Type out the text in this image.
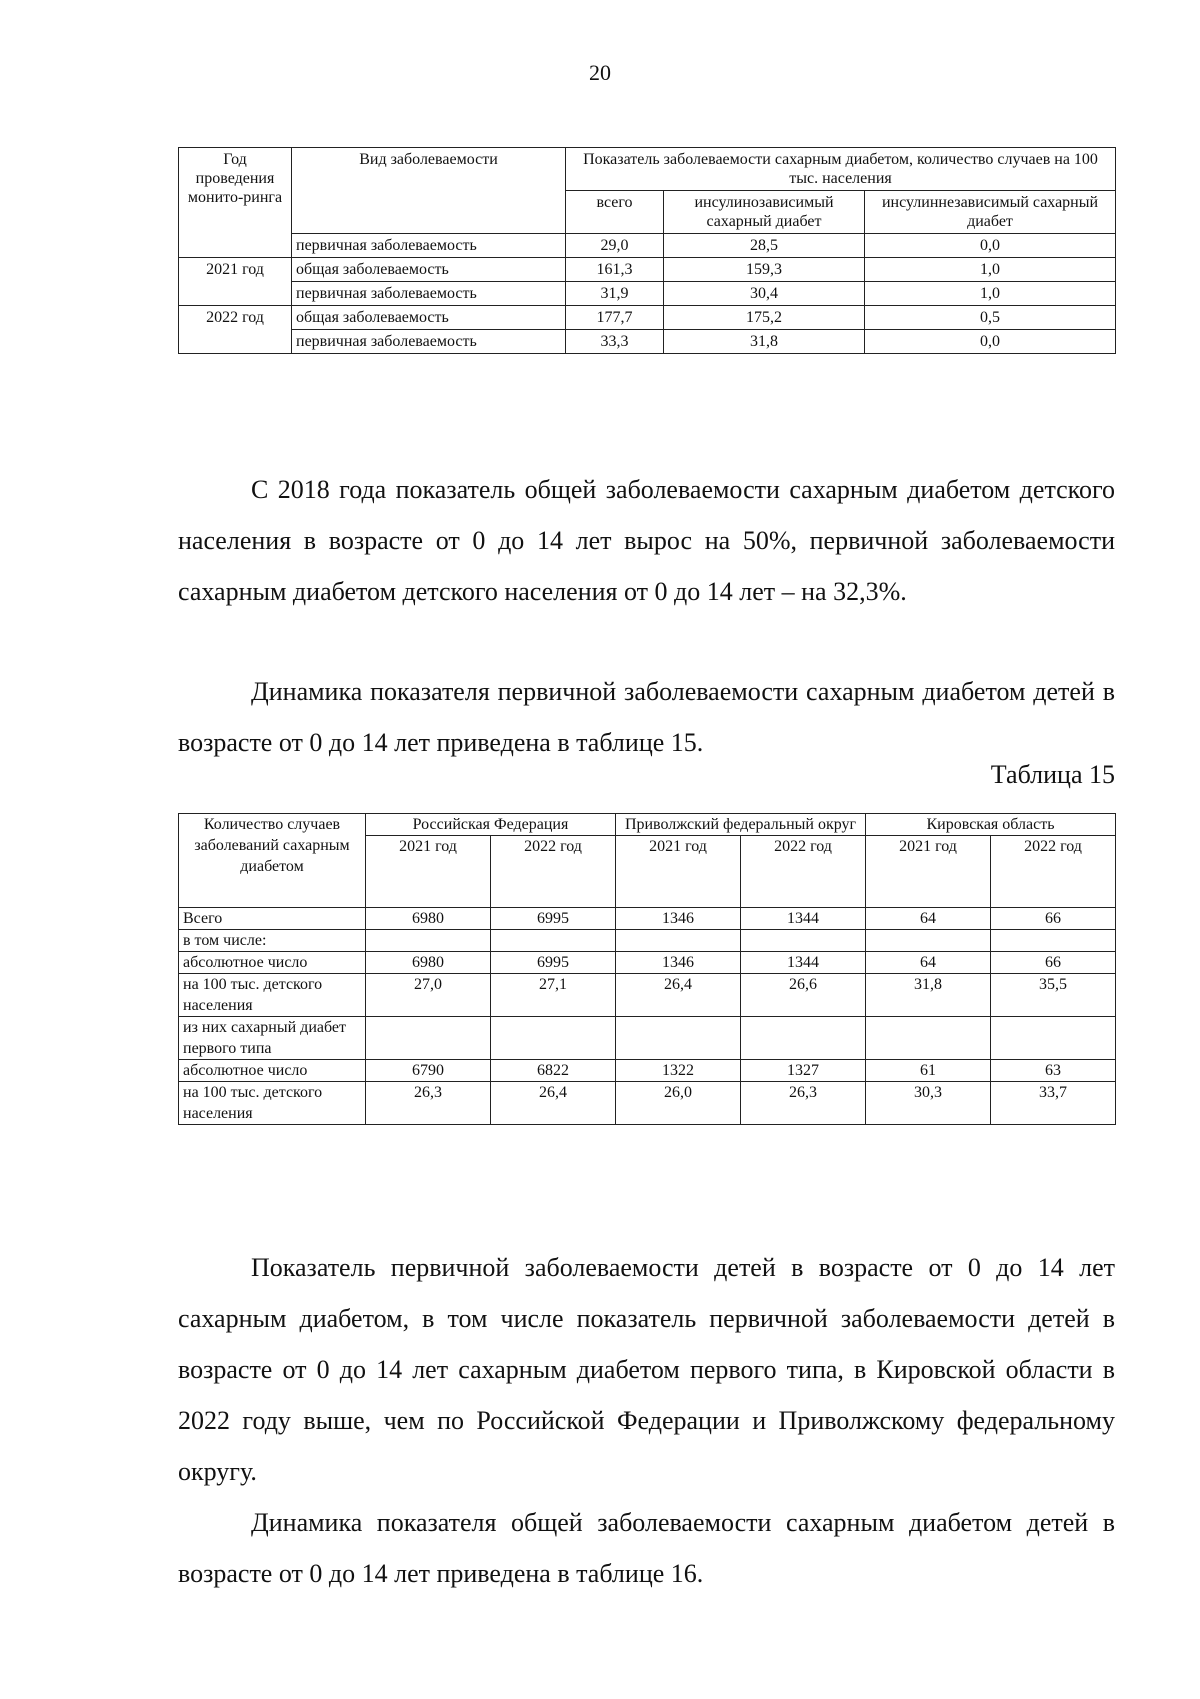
20
Год проведения монито-ринга	Вид заболеваемости	Показатель заболеваемости сахарным диабетом, количество случаев на 100 тыс. населения		
		всего	инсулинозависимый сахарный диабет	инсулиннезависимый сахарный диабет
	первичная заболеваемость	29,0	28,5	0,0
2021 год	общая заболеваемость	161,3	159,3	1,0
	первичная заболеваемость	31,9	30,4	1,0
2022 год	общая заболеваемость	177,7	175,2	0,5
	первичная заболеваемость	33,3	31,8	0,0

С 2018 года показатель общей заболеваемости сахарным диабетом детского населения в возрасте от 0 до 14 лет вырос на 50%, первичной заболеваемости сахарным диабетом детского населения от 0 до 14 лет – на 32,3%.

Динамика показателя первичной заболеваемости сахарным диабетом детей в возрасте от 0 до 14 лет приведена в таблице 15.

Таблица 15

Количество случаев заболеваний сахарным диабетом	Российская Федерация		Приволжский федеральный округ		Кировская область	
	2021 год	2022 год	2021 год	2022 год	2021 год	2022 год
Всего	6980	6995	1346	1344	64	66
в том числе:						
абсолютное число	6980	6995	1346	1344	64	66
на 100 тыс. детского населения	27,0	27,1	26,4	26,6	31,8	35,5
из них сахарный диабет первого типа						
абсолютное число	6790	6822	1322	1327	61	63
на 100 тыс. детского населения	26,3	26,4	26,0	26,3	30,3	33,7

Показатель первичной заболеваемости детей в возрасте от 0 до 14 лет сахарным диабетом, в том числе показатель первичной заболеваемости детей в возрасте от 0 до 14 лет сахарным диабетом первого типа, в Кировской области в 2022 году выше, чем по Российской Федерации и Приволжскому федеральному округу.

Динамика показателя общей заболеваемости сахарным диабетом детей в возрасте от 0 до 14 лет приведена в таблице 16.
